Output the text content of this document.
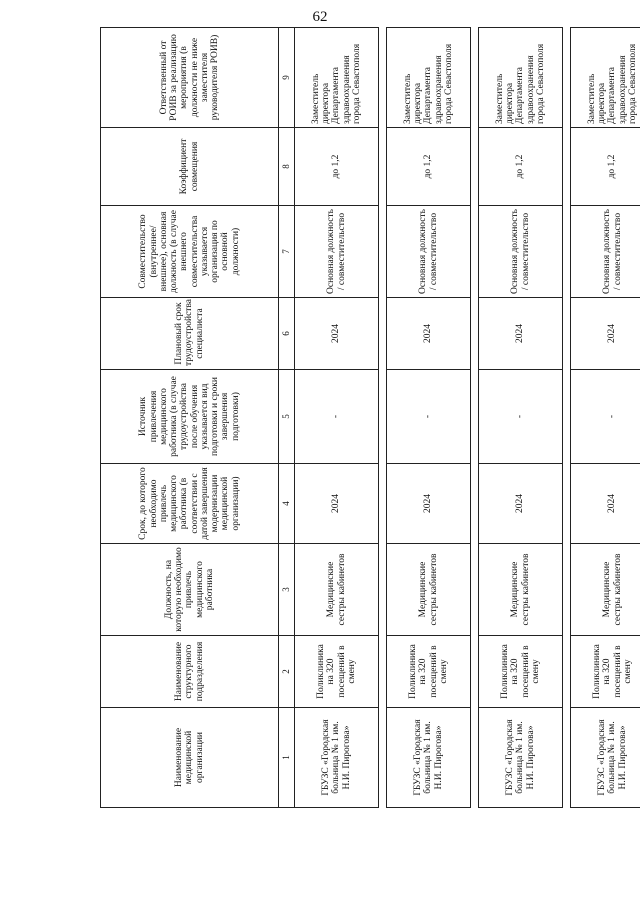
62
Наименование медицинской организации	Наименование структурного подразделения	Должность, на которую необходимо привлечь медицинского работника	Срок, до которого необходимо привлечь медицинского работника (в соответствии с датой завершения модернизации медицинской организации)	Источник привлечения медицинского работника (в случае трудоустройства после обучения указывается вид подготовки и сроки завершения подготовки)	Плановый срок трудоустройства специалиста	Совместительство (внутреннее/внешнее), основная должность (в случае внешнего совместительства указывается организация по основной должности)	Коэффициент совмещения	Ответственный от РОИВ за реализацию мероприятия (в должности не ниже заместителя руководителя РОИВ)
1	2	3	4	5	6	7	8	9
ГБУЗС «Городская больница № 1 им. Н.И. Пирогова»	Поликлиника на 320 посещений в смену	Медицинские сестры кабинетов	2024	-	2024	Основная должность / совместительство	до 1,2	Заместитель директора Департамента здравоохранения города Севастополя

ГБУЗС «Городская больница № 1 им. Н.И. Пирогова»	Поликлиника на 320 посещений в смену	Медицинские сестры кабинетов	2024	-	2024	Основная должность / совместительство	до 1,2	Заместитель директора Департамента здравоохранения города Севастополя

ГБУЗС «Городская больница № 1 им. Н.И. Пирогова»	Поликлиника на 320 посещений в смену	Медицинские сестры кабинетов	2024	-	2024	Основная должность / совместительство	до 1,2	Заместитель директора Департамента здравоохранения города Севастополя

ГБУЗС «Городская больница № 1 им. Н.И. Пирогова»	Поликлиника на 320 посещений в смену	Медицинские сестры кабинетов	2024	-	2024	Основная должность / совместительство	до 1,2	Заместитель директора Департамента здравоохранения города Севастополя
